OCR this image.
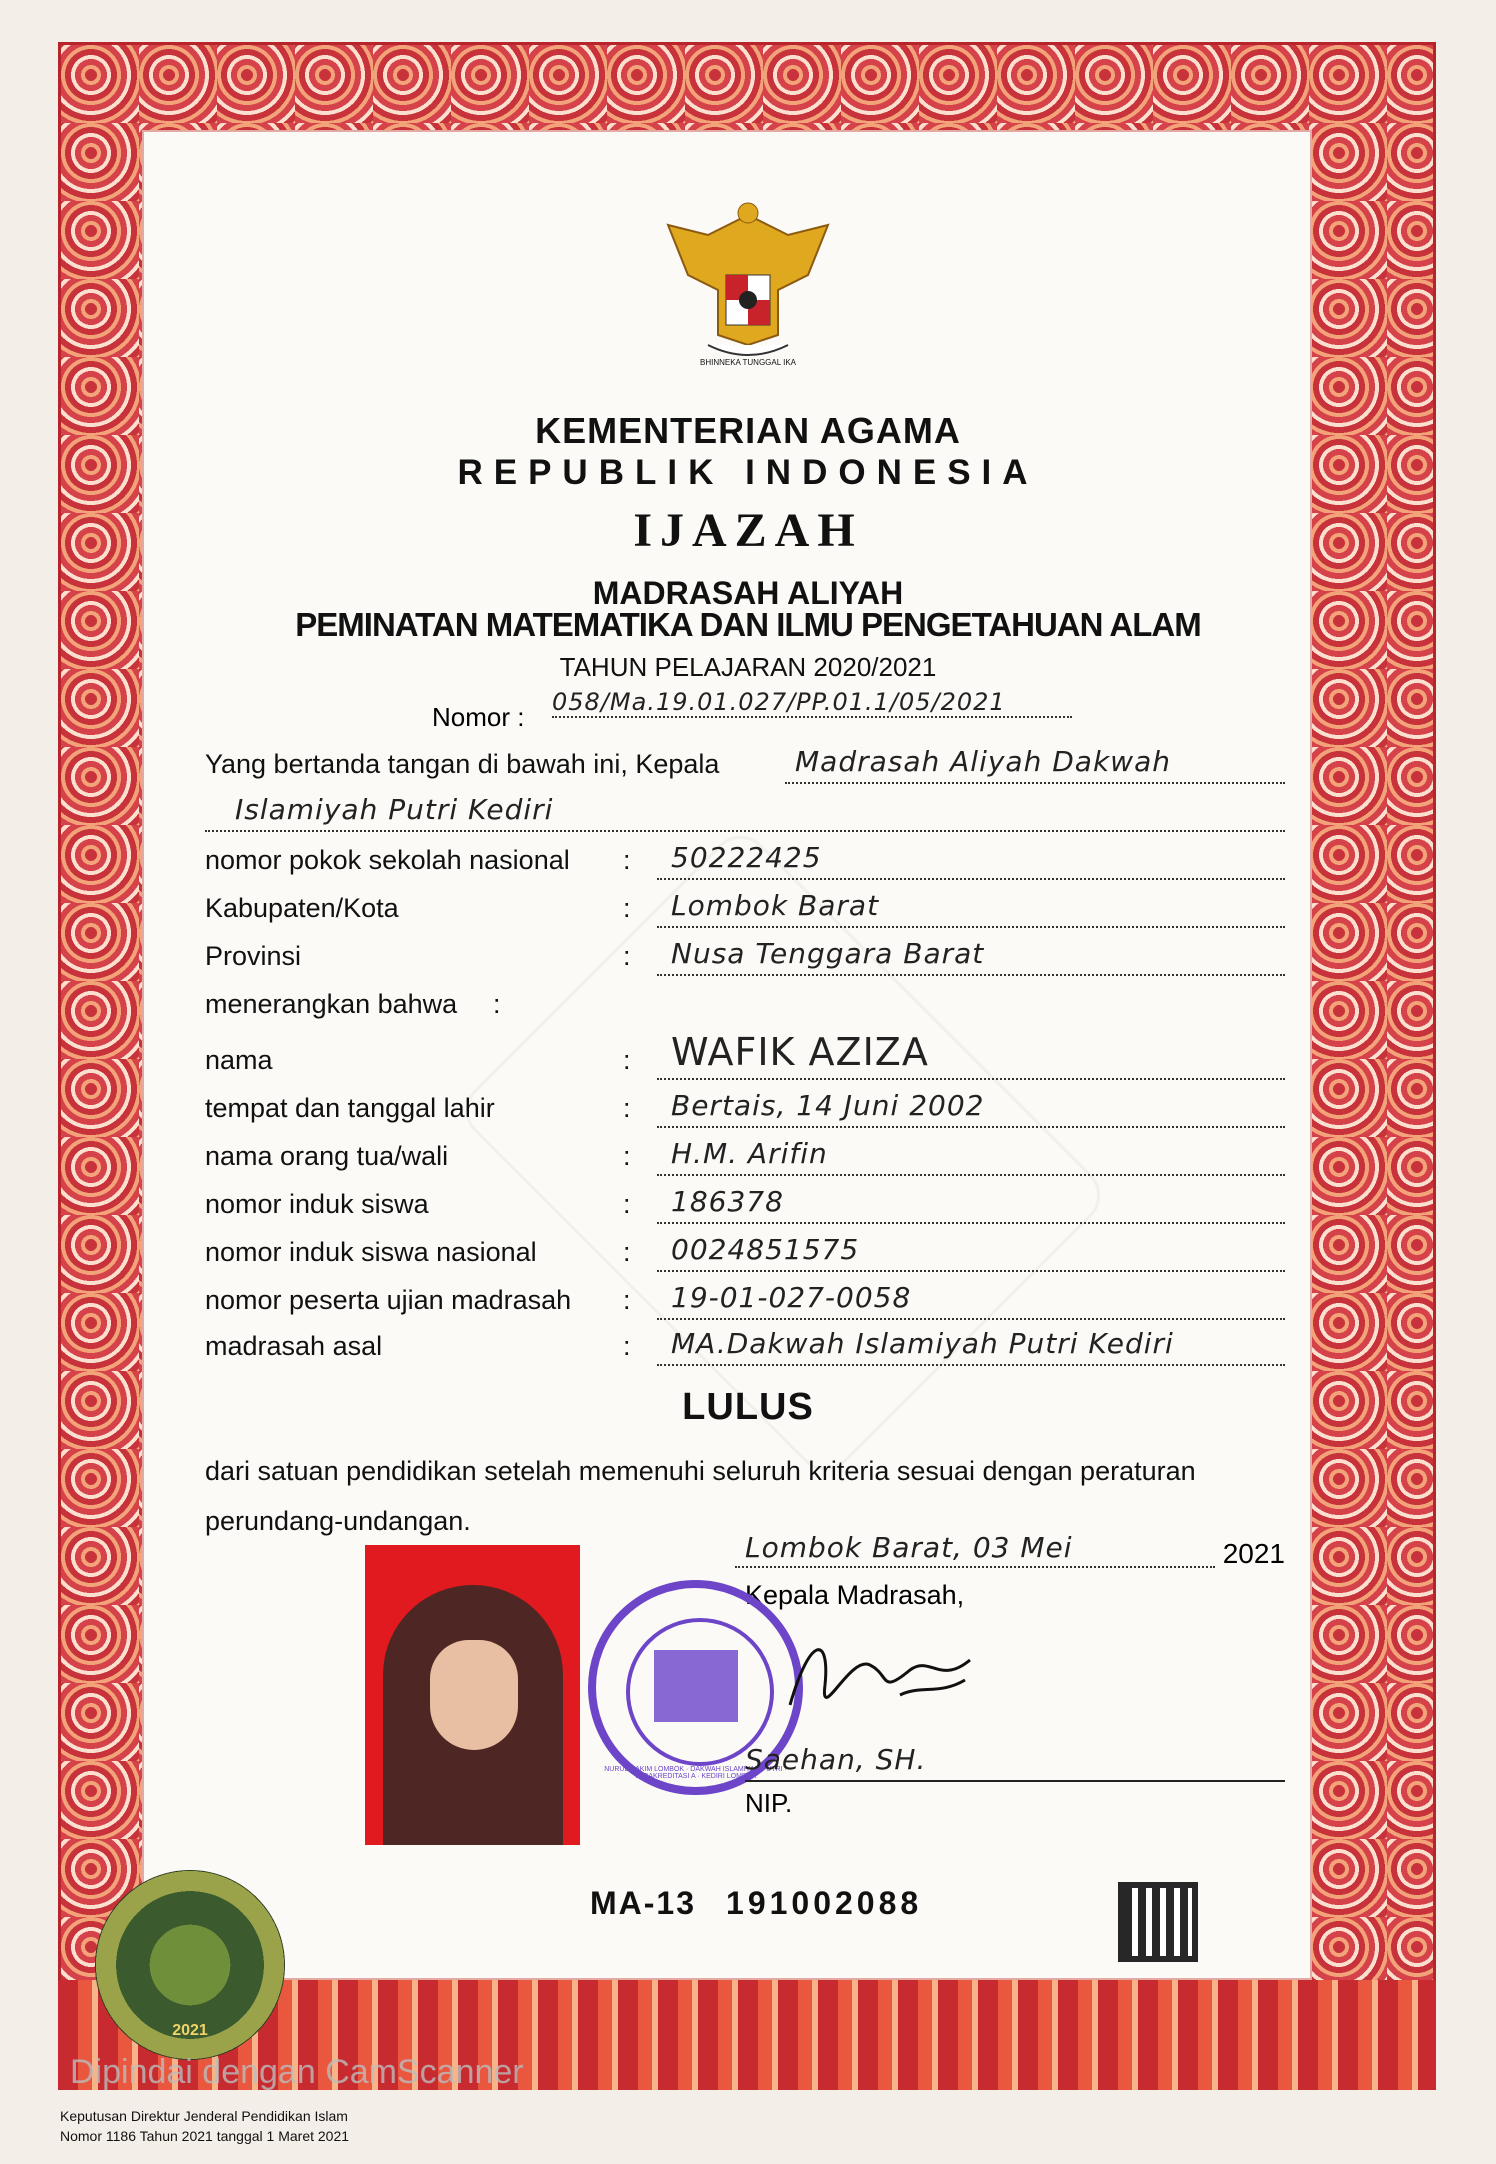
BHINNEKA TUNGGAL IKA
KEMENTERIAN AGAMA
REPUBLIK INDONESIA
IJAZAH
MADRASAH ALIYAH
PEMINATAN MATEMATIKA DAN ILMU PENGETAHUAN ALAM
TAHUN PELAJARAN 2020/2021
Nomor : 058/Ma.19.01.027/PP.01.1/05/2021
Yang bertanda tangan di bawah ini, Kepala	Madrasah Aliyah Dakwah
Islamiyah Putri Kediri
nomor pokok sekolah nasional : 50222425
Kabupaten/Kota	: Lombok Barat
Provinsi	: Nusa Tenggara Barat
menerangkan bahwa :
nama	: WAFIK AZIZA
tempat dan tanggal lahir	: Bertais, 14 Juni 2002
nama orang tua/wali	: H.M. Arifin
nomor induk siswa	: 186378
nomor induk siswa nasional	: 0024851575
nomor peserta ujian madrasah : 19-01-027-0058
madrasah asal	: MA.Dakwah Islamiyah Putri Kediri
LULUS
dari satuan pendidikan setelah memenuhi seluruh kriteria sesuai dengan peraturan perundang-undangan.
Lombok Barat, 03 Mei	2021
Kepala Madrasah,
NURUL HAKIM LOMBOK · DAKWAH ISLAMIYAH PUTRI · TERAKREDITASI A · KEDIRI LOMBOK
Saehan, SH.
NIP.
MA-13 191002088
2021
Dipindai dengan CamScanner
Keputusan Direktur Jenderal Pendidikan Islam
Nomor 1186 Tahun 2021 tanggal 1 Maret 2021
